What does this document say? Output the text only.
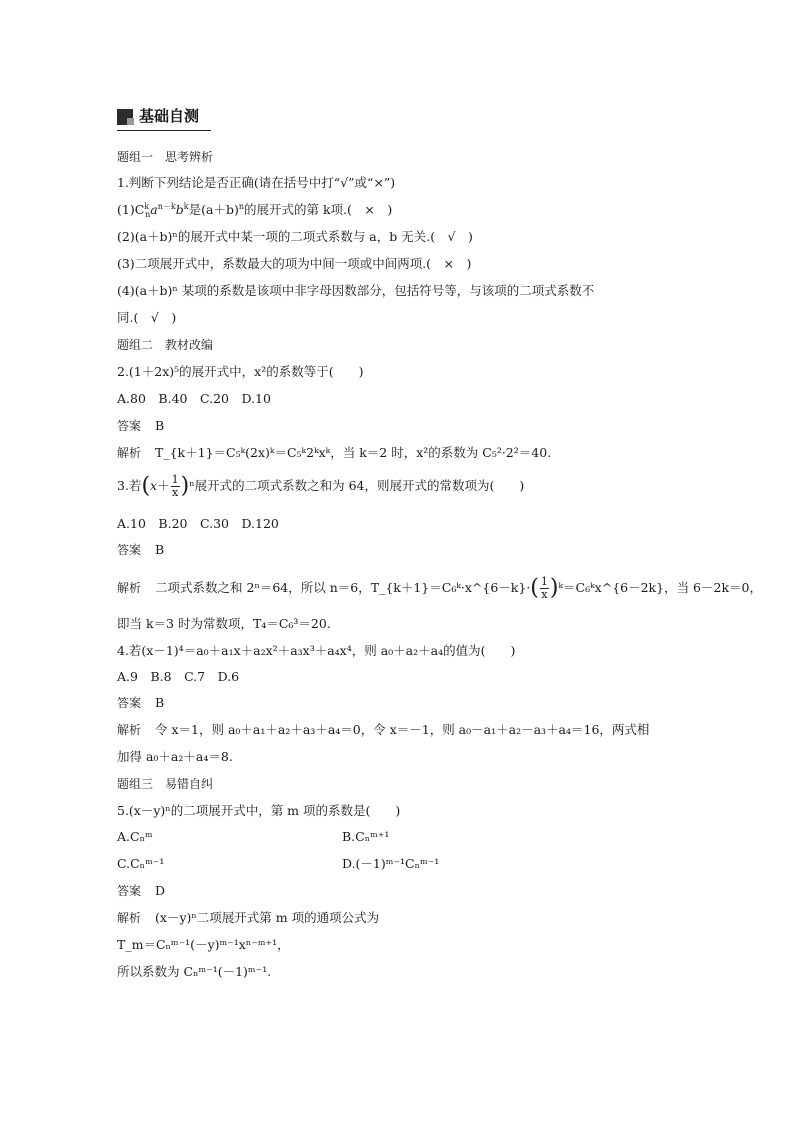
基础自测
题组一　思考辨析
1.判断下列结论是否正确(请在括号中打“√”或“×”)
$(1)C^k_na^{n-k}b^k$是$(a+b)^n$的展开式的第 k项.(　×　)
(2)(a＋b)ⁿ的展开式中某一项的二项式系数与 a，b 无关.(　√　)
(3)二项展开式中，系数最大的项为中间一项或中间两项.(　×　)
(4)(a＋b)ⁿ 某项的系数是该项中非字母因数部分，包括符号等，与该项的二项式系数不
同.(　√　)
题组二　教材改编
2.(1＋2x)⁵的展开式中，x²的系数等于(　　)
A.80　B.40　C.20　D.10
答案 B
解析 T_{k＋1}＝C₅ᵏ(2x)ᵏ＝C₅ᵏ2ᵏxᵏ，当 k＝2 时，x²的系数为 C₅²·2²＝40.
3.若$(x+ \frac{1}{x} )^n$展开式的二项式系数之和为 64，则展开式的常数项为(　　)
A.10　B.20　C.30　D.120
答案 B
解析 二项式系数之和 2ⁿ＝64，所以 n＝6，T_{k＋1}＝C₆ᵏ·x^{6－k}·( $\frac{1}{x}$ )ᵏ＝C₆ᵏx^{6－2k}，当 6－2k＝0，
即当 k＝3 时为常数项，T₄＝C₆³＝20.
4.若(x－1)⁴＝a₀＋a₁x＋a₂x²＋a₃x³＋a₄x⁴，则 a₀＋a₂＋a₄的值为(　　)
A.9　B.8　C.7　D.6
答案 B
解析 令 x＝1，则 a₀＋a₁＋a₂＋a₃＋a₄＝0，令 x＝－1，则 a₀－a₁＋a₂－a₃＋a₄＝16，两式相
加得 a₀＋a₂＋a₄＝8.
题组三　易错自纠
5.(x－y)ⁿ的二项展开式中，第 m 项的系数是(　　)
A.Cₙᵐ	B.Cₙᵐ⁺¹
C.Cₙᵐ⁻¹	D.(－1)ᵐ⁻¹Cₙᵐ⁻¹
答案 D
解析 (x－y)ⁿ二项展开式第 m 项的通项公式为
T_m＝Cₙᵐ⁻¹(－y)ᵐ⁻¹xⁿ⁻ᵐ⁺¹，
所以系数为 Cₙᵐ⁻¹(－1)ᵐ⁻¹.
